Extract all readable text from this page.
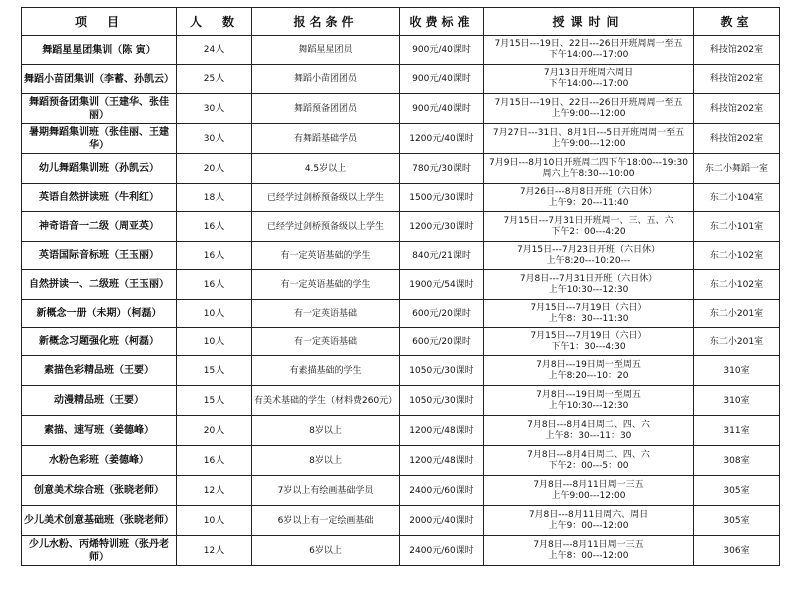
项　目	人　数	报名条件	收费标准	授课时间	教室
舞蹈星星团集训（陈 寅）	24人	舞蹈星星团员	900元/40课时	7月15日---19日、22日---26日开班周周一至五
下午14:00---17:00	科技馆202室
舞蹈小苗团集训（李蓄、孙凯云）	25人	舞蹈小苗团团员	900元/40课时	7月13日开班周六周日
下午14:00---17:00	科技馆202室
舞蹈预备团集训（王建华、张佳丽）	30人	舞蹈预备团团员	900元/40课时	7月15日---19日、22日---26日开班周周一至五
上午9:00---12:00	科技馆202室
暑期舞蹈集训班（张佳丽、王建华）	30人	有舞蹈基础学员	1200元/40课时	7月27日---31日、8月1日---5日开班周周一至五
上午9:00---12:00	科技馆202室
幼儿舞蹈集训班（孙凯云）	20人	4.5岁以上	780元/30课时	7月9日---8月10日开班周二四下午18:00---19:30
周六上午8:30---10:00	东二小舞蹈一室
英语自然拼读班（牛利红）	18人	已经学过剑桥预备级以上学生	1500元/30课时	7月26日---8月8日开班（六日休）
上午9：20---11:40	东二小104室
神奇语音一二级（周亚英）	16人	已经学过剑桥预备级以上学生	1200元/30课时	7月15日---7月31日开班周一、三、五、六
下午2：00---4:20	东二小101室
英语国际音标班（王玉丽）	16人	有一定英语基础的学生	840元/21课时	7月15日---7月23日开班（六日休）
上午8:20---10:20---	东二小102室
自然拼读一、二级班（王玉丽）	16人	有一定英语基础的学生	1900元/54课时	7月8日---7月31日开班（六日休）
上午10:30---12:30	东二小102室
新概念一册（未期）（柯磊）	10人	有一定英语基础	600元/20课时	7月15日---7月19日（六日）
上午8：30---11:30	东二小201室
新概念习题强化班（柯磊）	10人	有一定英语基础	600元/20课时	7月15日---7月19日（六日）
下午1：30---4:30	东二小201室
素描色彩精品班（王要）	15人	有素描基础的学生	1050元/30课时	7月8日---19日周一至周五
上午8:20---10：20	310室
动漫精品班（王要）	15人	有美术基础的学生（材料费260元）	1050元/30课时	7月8日---19日周一至周五
上午10:30---12:30	310室
素描、速写班（姜德峰）	20人	8岁以上	1200元/48课时	7月8日---8月4日周二、四、六
上午8：30---11：30	311室
水粉色彩班（姜德峰）	16人	8岁以上	1200元/48课时	7月8日---8月4日周二、四、六
下午2：00---5：00	308室
创意美术综合班（张晓老师）	12人	7岁以上有绘画基础学员	2400元/60课时	7月8日---8月11日周一三五
上午9:00---12:00	305室
少儿美术创意基础班（张晓老师）	10人	6岁以上有一定绘画基础	2000元/40课时	7月8日---8月11日周六、周日
上午9：00---12:00	305室
少儿水粉、丙烯特训班（张丹老师）	12人	6岁以上	2400元/60课时	7月8日---8月11日周一三五
上午8：00---12:00	306室
